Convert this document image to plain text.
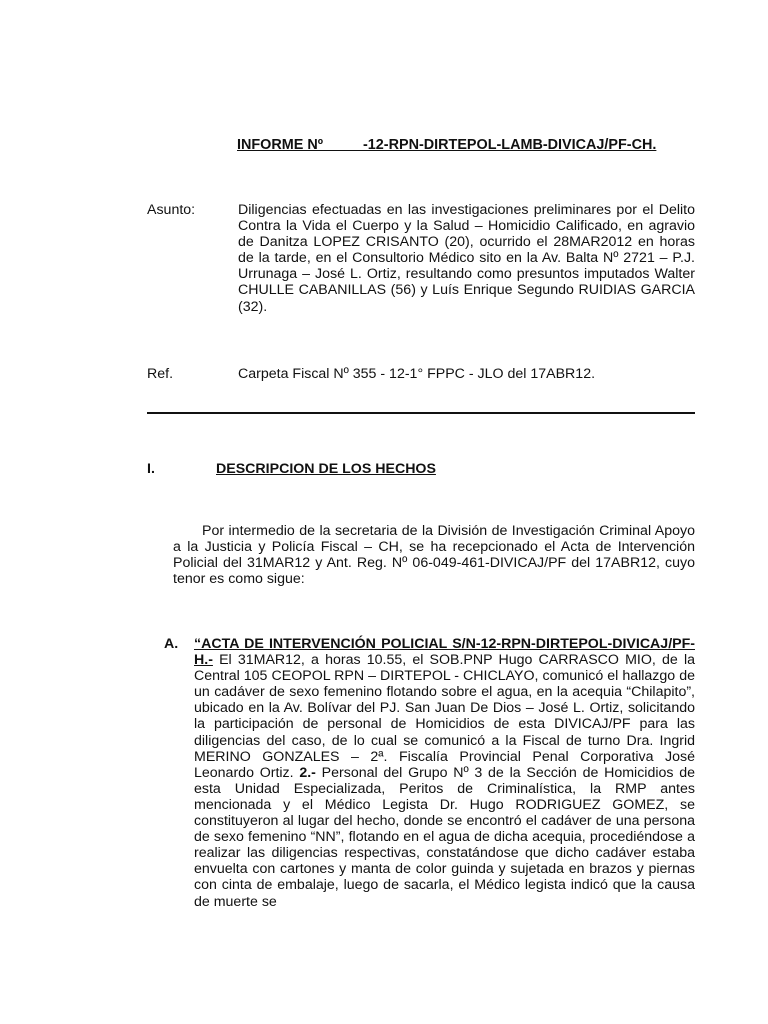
INFORME Nº          -12-RPN-DIRTEPOL-LAMB-DIVICAJ/PF-CH.
Asunto:	Diligencias efectuadas en las investigaciones preliminares por el Delito Contra la Vida el Cuerpo y la Salud – Homicidio Calificado, en agravio de Danitza LOPEZ CRISANTO (20), ocurrido el 28MAR2012 en horas de la tarde, en el Consultorio Médico sito en la Av. Balta Nº 2721 – P.J. Urrunaga – José L. Ortiz, resultando como presuntos imputados Walter CHULLE CABANILLAS (56) y Luís Enrique Segundo RUIDIAS GARCIA (32).
Ref.	Carpeta Fiscal Nº 355 - 12-1° FPPC - JLO del 17ABR12.
I.	DESCRIPCION DE LOS HECHOS
Por intermedio de la secretaria de la División de Investigación Criminal Apoyo a la Justicia y Policía Fiscal – CH, se ha recepcionado el Acta de Intervención Policial del 31MAR12 y Ant. Reg. Nº 06-049-461-DIVICAJ/PF del 17ABR12, cuyo tenor es como sigue:
A. “ACTA DE INTERVENCIÓN POLICIAL S/N-12-RPN-DIRTEPOL-DIVICAJ/PF-H.- El 31MAR12, a horas 10.55, el SOB.PNP Hugo CARRASCO MIO, de la Central 105 CEOPOL RPN – DIRTEPOL - CHICLAYO, comunicó el hallazgo de un cadáver de sexo femenino flotando sobre el agua, en la acequia “Chilapito”, ubicado en la Av. Bolívar del PJ. San Juan De Dios – José L. Ortiz, solicitando la participación de personal de Homicidios de esta DIVICAJ/PF para las diligencias del caso, de lo cual se comunicó a la Fiscal de turno Dra. Ingrid MERINO GONZALES – 2ª. Fiscalía Provincial Penal Corporativa José Leonardo Ortiz. 2.- Personal del Grupo Nº 3 de la Sección de Homicidios de esta Unidad Especializada, Peritos de Criminalística, la RMP antes mencionada y el Médico Legista Dr. Hugo RODRIGUEZ GOMEZ, se constituyeron al lugar del hecho, donde se encontró el cadáver de una persona de sexo femenino “NN”, flotando en el agua de dicha acequia, procediéndose a realizar las diligencias respectivas, constatándose que dicho cadáver estaba envuelta con cartones y manta de color guinda y sujetada en brazos y piernas con cinta de embalaje, luego de sacarla, el Médico legista indicó que la causa de muerte se
